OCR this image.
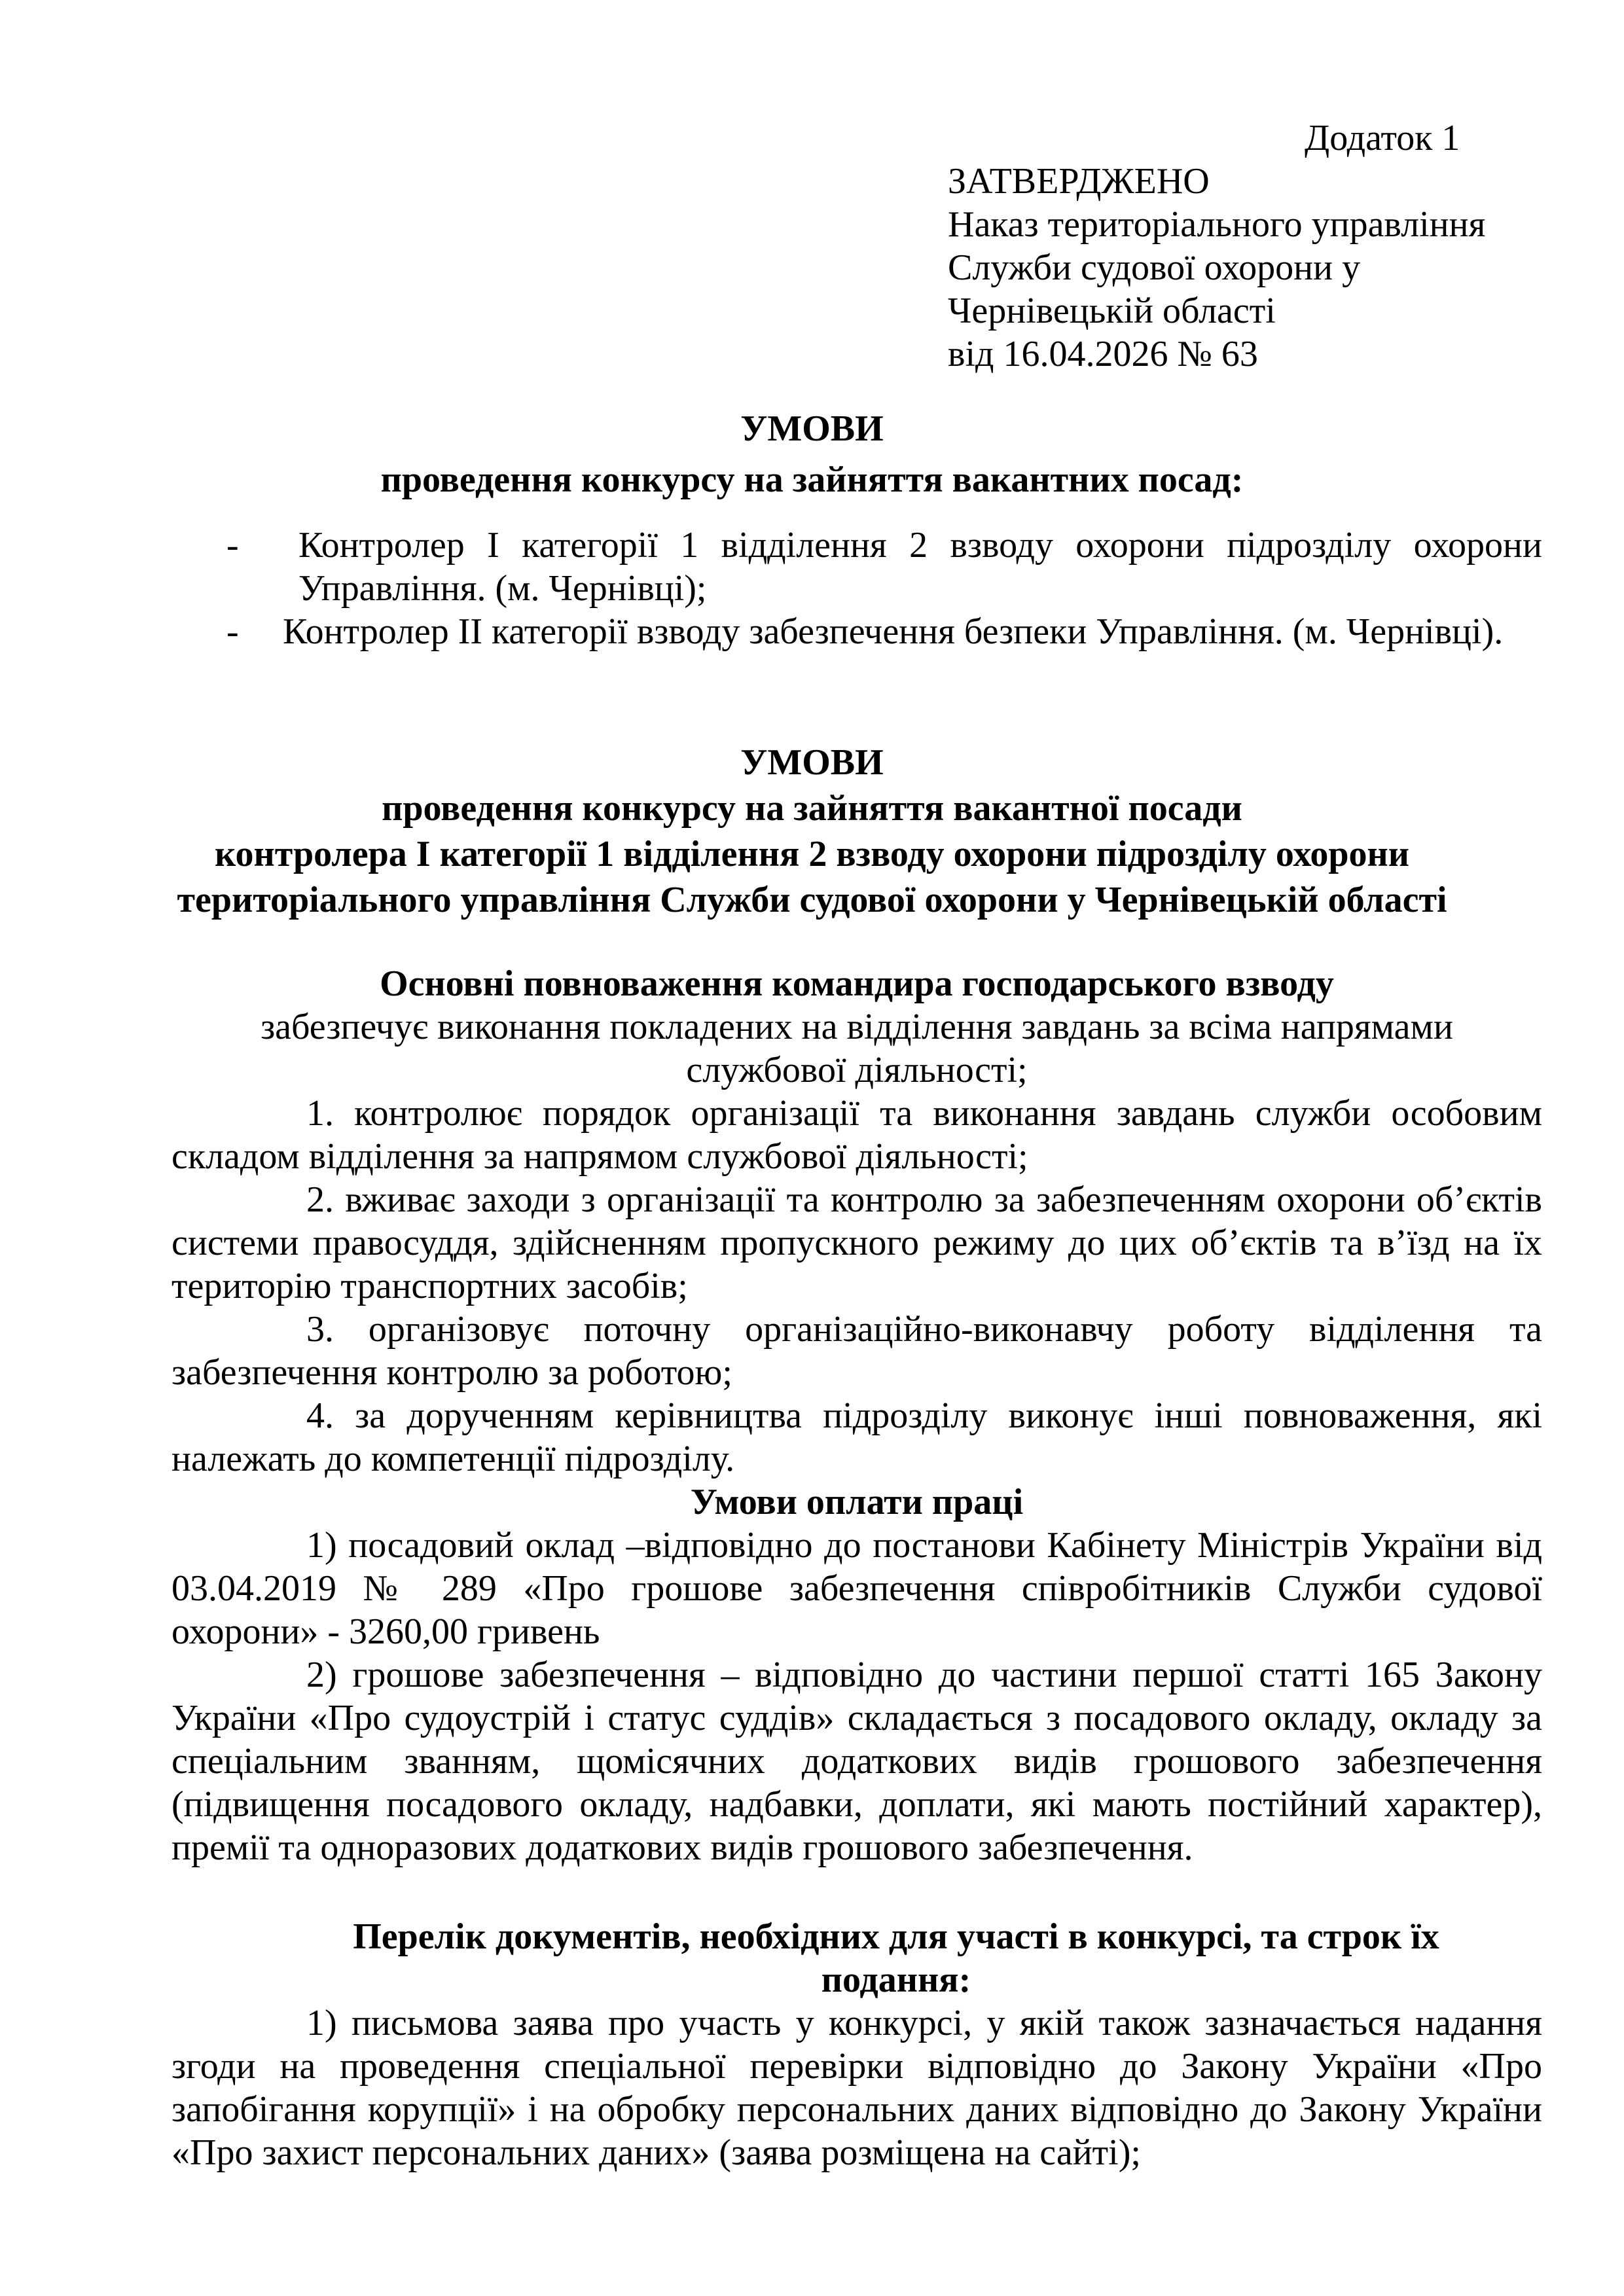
Додаток 1
ЗАТВЕРДЖЕНО
Наказ територіального управління
Служби судової охорони у
Чернівецькій області
від 16.04.2026 № 63
УМОВИ
проведення конкурсу на зайняття вакантних посад:
- Контролер I категорії 1 відділення 2 взводу охорони підрозділу охорони Управління. (м. Чернівці);
- Контролер II категорії взводу забезпечення безпеки Управління. (м. Чернівці).
УМОВИ
проведення конкурсу на зайняття вакантної посади
контролера I категорії 1 відділення 2 взводу охорони підрозділу охорони
територіального управління Служби судової охорони у Чернівецькій області

Основні повноваження командира господарського взводу

забезпечує виконання покладених на відділення завдань за всіма напрямами службової діяльності;

1. контролює порядок організації та виконання завдань служби особовим складом відділення за напрямом службової діяльності;

2. вживає заходи з організації та контролю за забезпеченням охорони об’єктів системи правосуддя, здійсненням пропускного режиму до цих об’єктів та в’їзд на їх територію транспортних засобів;

3. організовує поточну організаційно-виконавчу роботу відділення та забезпечення контролю за роботою;

4. за дорученням керівництва підрозділу виконує інші повноваження, які належать до компетенції підрозділу.

Умови оплати праці

1) посадовий оклад –відповідно до постанови Кабінету Міністрів України від 03.04.2019 № 289 «Про грошове забезпечення співробітників Служби судової охорони» - 3260,00 гривень

2) грошове забезпечення – відповідно до частини першої статті 165 Закону України «Про судоустрій і статус суддів» складається з посадового окладу, окладу за спеціальним званням, щомісячних додаткових видів грошового забезпечення (підвищення посадового окладу, надбавки, доплати, які мають постійний характер), премії та одноразових додаткових видів грошового забезпечення.

Перелік документів, необхідних для участі в конкурсі, та строк їх подання:

1) письмова заява про участь у конкурсі, у якій також зазначається надання згоди на проведення спеціальної перевірки відповідно до Закону України «Про запобігання корупції» і на обробку персональних даних відповідно до Закону України «Про захист персональних даних» (заява розміщена на сайті);
